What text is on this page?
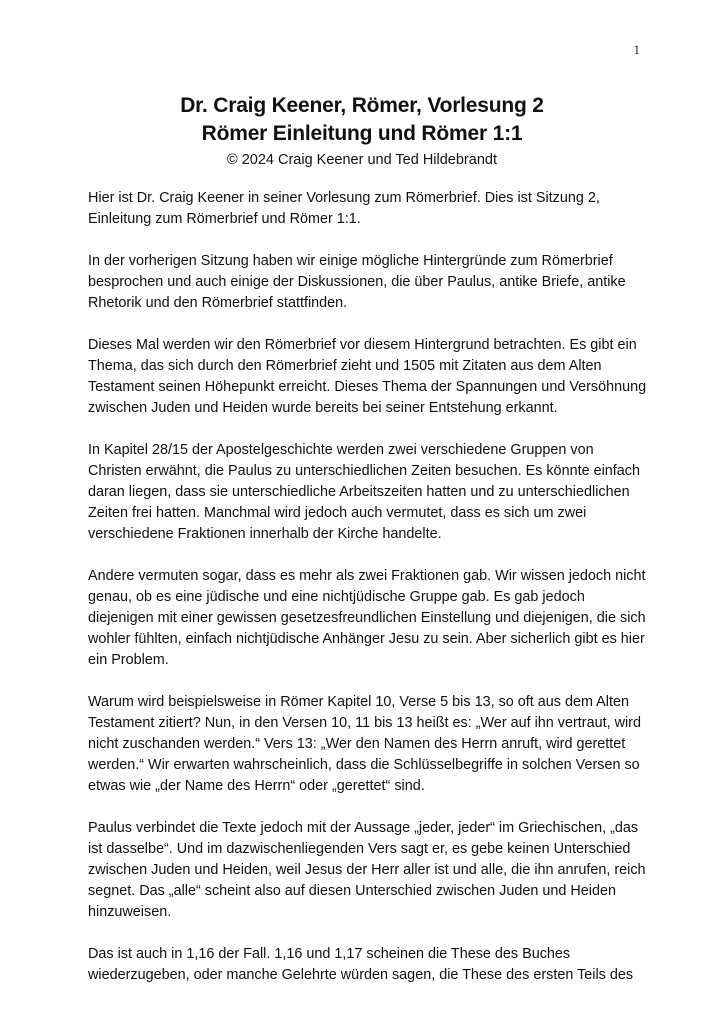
1
Dr. Craig Keener, Römer, Vorlesung 2
Römer Einleitung und Römer 1:1
© 2024 Craig Keener und Ted Hildebrandt

Hier ist Dr. Craig Keener in seiner Vorlesung zum Römerbrief. Dies ist Sitzung 2, Einleitung zum Römerbrief und Römer 1:1.

In der vorherigen Sitzung haben wir einige mögliche Hintergründe zum Römerbrief besprochen und auch einige der Diskussionen, die über Paulus, antike Briefe, antike Rhetorik und den Römerbrief stattfinden.

Dieses Mal werden wir den Römerbrief vor diesem Hintergrund betrachten. Es gibt ein Thema, das sich durch den Römerbrief zieht und 1505 mit Zitaten aus dem Alten Testament seinen Höhepunkt erreicht. Dieses Thema der Spannungen und Versöhnung zwischen Juden und Heiden wurde bereits bei seiner Entstehung erkannt.

In Kapitel 28/15 der Apostelgeschichte werden zwei verschiedene Gruppen von Christen erwähnt, die Paulus zu unterschiedlichen Zeiten besuchen. Es könnte einfach daran liegen, dass sie unterschiedliche Arbeitszeiten hatten und zu unterschiedlichen Zeiten frei hatten. Manchmal wird jedoch auch vermutet, dass es sich um zwei verschiedene Fraktionen innerhalb der Kirche handelte.

Andere vermuten sogar, dass es mehr als zwei Fraktionen gab. Wir wissen jedoch nicht genau, ob es eine jüdische und eine nichtjüdische Gruppe gab. Es gab jedoch diejenigen mit einer gewissen gesetzesfreundlichen Einstellung und diejenigen, die sich wohler fühlten, einfach nichtjüdische Anhänger Jesu zu sein. Aber sicherlich gibt es hier ein Problem.

Warum wird beispielsweise in Römer Kapitel 10, Verse 5 bis 13, so oft aus dem Alten Testament zitiert? Nun, in den Versen 10, 11 bis 13 heißt es: „Wer auf ihn vertraut, wird nicht zuschanden werden.“ Vers 13: „Wer den Namen des Herrn anruft, wird gerettet werden.“ Wir erwarten wahrscheinlich, dass die Schlüsselbegriffe in solchen Versen so etwas wie „der Name des Herrn“ oder „gerettet“ sind.

Paulus verbindet die Texte jedoch mit der Aussage „jeder, jeder“ im Griechischen, „das ist dasselbe“. Und im dazwischenliegenden Vers sagt er, es gebe keinen Unterschied zwischen Juden und Heiden, weil Jesus der Herr aller ist und alle, die ihn anrufen, reich segnet. Das „alle“ scheint also auf diesen Unterschied zwischen Juden und Heiden hinzuweisen.

Das ist auch in 1,16 der Fall. 1,16 und 1,17 scheinen die These des Buches wiederzugeben, oder manche Gelehrte würden sagen, die These des ersten Teils des
